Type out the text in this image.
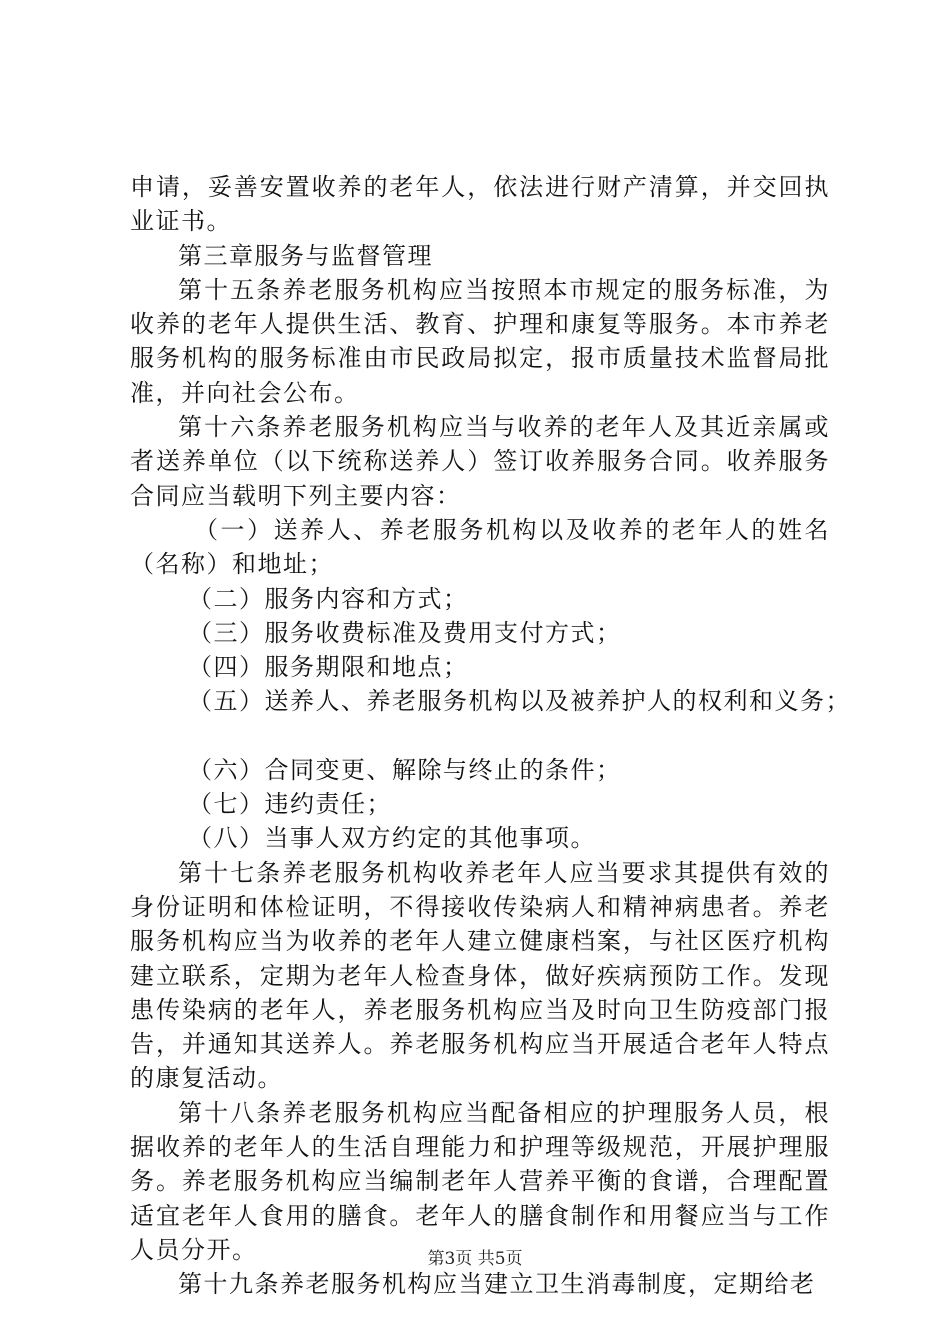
申请，妥善安置收养的老年人，依法进行财产清算，并交回执业证书。

第三章服务与监督管理

第十五条养老服务机构应当按照本市规定的服务标准，为收养的老年人提供生活、教育、护理和康复等服务。本市养老服务机构的服务标准由市民政局拟定，报市质量技术监督局批准，并向社会公布。

第十六条养老服务机构应当与收养的老年人及其近亲属或者送养单位（以下统称送养人）签订收养服务合同。收养服务合同应当载明下列主要内容：

（一）送养人、养老服务机构以及收养的老年人的姓名（名称）和地址；

（二）服务内容和方式；

（三）服务收费标准及费用支付方式；

（四）服务期限和地点；

（五）送养人、养老服务机构以及被养护人的权利和义务；

（六）合同变更、解除与终止的条件；

（七）违约责任；

（八）当事人双方约定的其他事项。

第十七条养老服务机构收养老年人应当要求其提供有效的身份证明和体检证明，不得接收传染病人和精神病患者。养老服务机构应当为收养的老年人建立健康档案，与社区医疗机构建立联系，定期为老年人检查身体，做好疾病预防工作。发现患传染病的老年人，养老服务机构应当及时向卫生防疫部门报告，并通知其送养人。养老服务机构应当开展适合老年人特点的康复活动。

第十八条养老服务机构应当配备相应的护理服务人员，根据收养的老年人的生活自理能力和护理等级规范，开展护理服务。养老服务机构应当编制老年人营养平衡的食谱，合理配置适宜老年人食用的膳食。老年人的膳食制作和用餐应当与工作人员分开。

第十九条养老服务机构应当建立卫生消毒制度，定期给老

第3页 共5页
